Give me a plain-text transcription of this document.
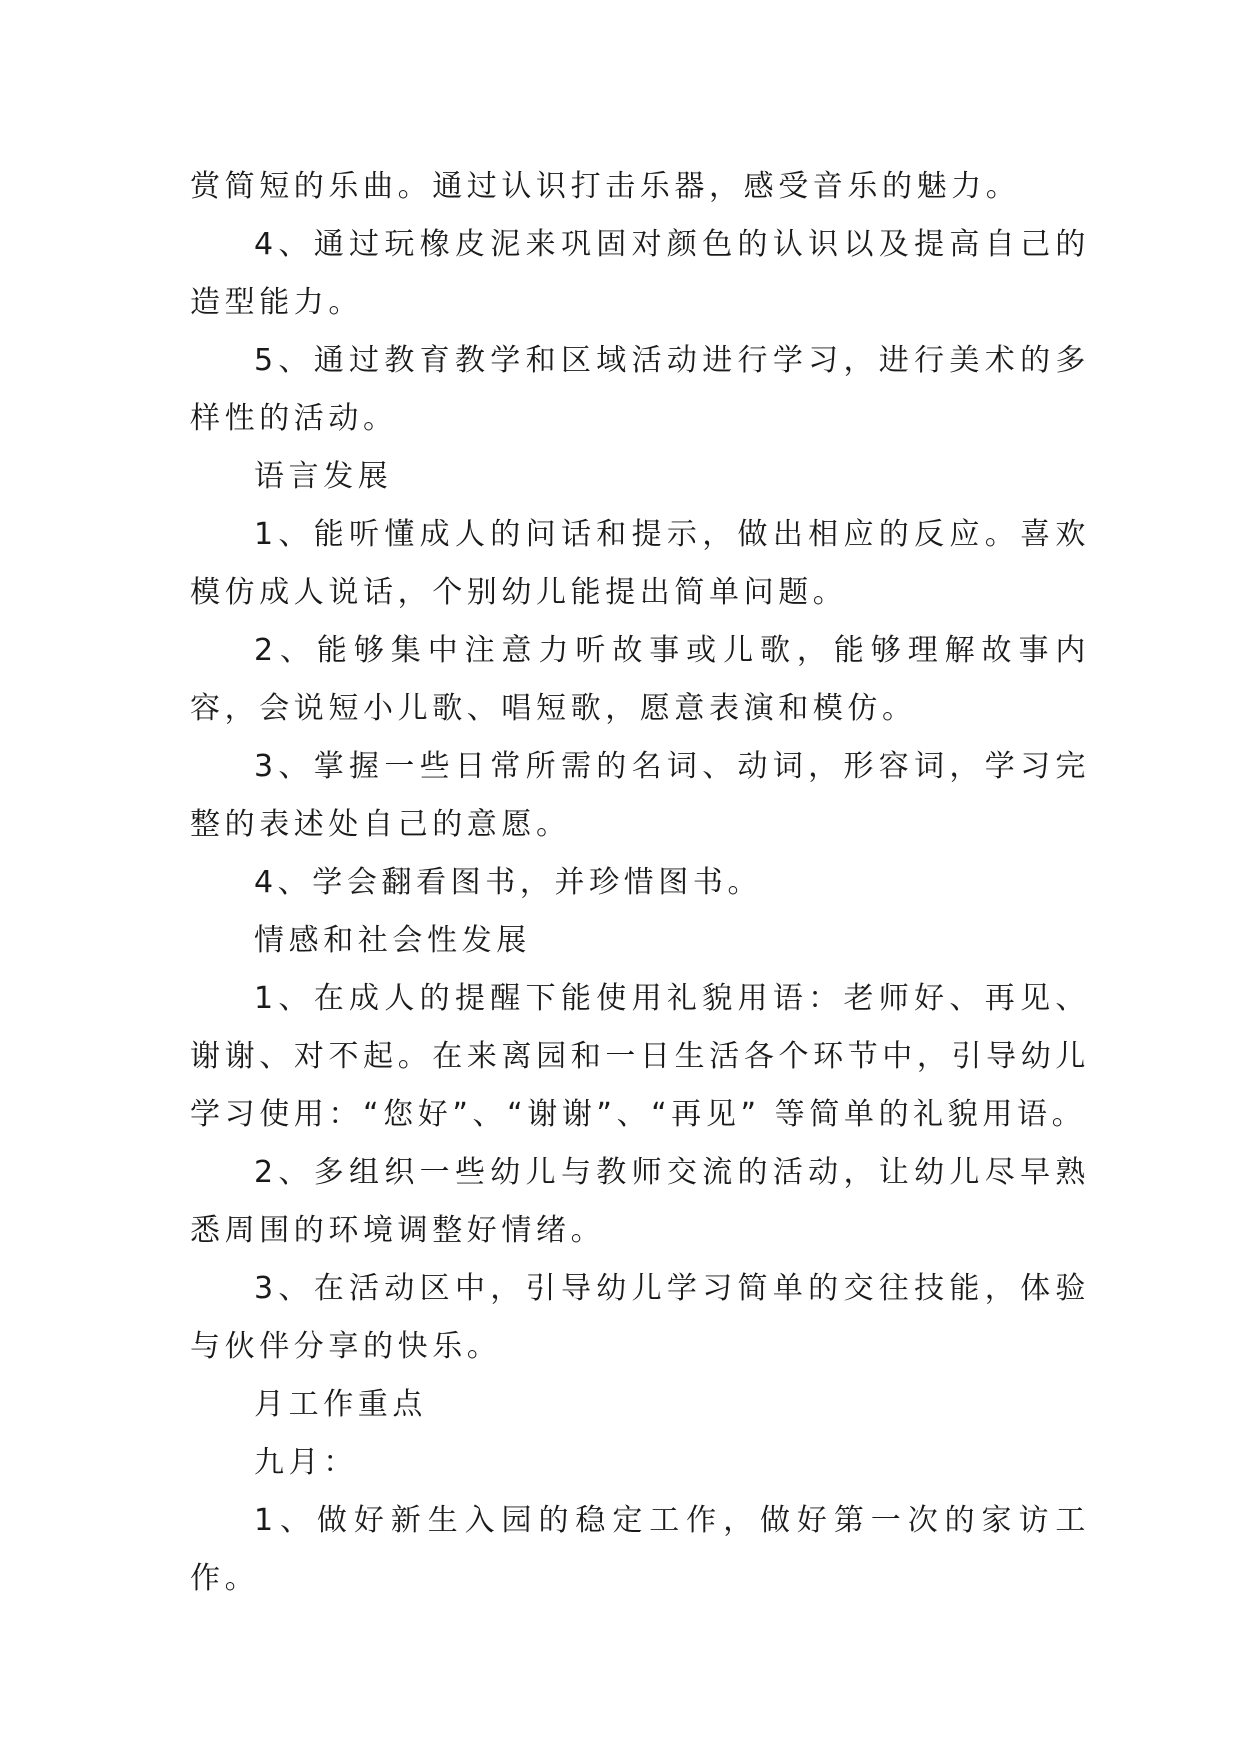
赏简短的乐曲。通过认识打击乐器，感受音乐的魅力。

4、通过玩橡皮泥来巩固对颜色的认识以及提高自己的造型能力。

5、通过教育教学和区域活动进行学习，进行美术的多样性的活动。

语言发展

1、能听懂成人的问话和提示，做出相应的反应。喜欢模仿成人说话，个别幼儿能提出简单问题。

2、能够集中注意力听故事或儿歌，能够理解故事内容，会说短小儿歌、唱短歌，愿意表演和模仿。

3、掌握一些日常所需的名词、动词，形容词，学习完整的表述处自己的意愿。

4、学会翻看图书，并珍惜图书。

情感和社会性发展

1、在成人的提醒下能使用礼貌用语：老师好、再见、谢谢、对不起。在来离园和一日生活各个环节中，引导幼儿学习使用：“您好”、“谢谢”、“再见” 等简单的礼貌用语。

2、多组织一些幼儿与教师交流的活动，让幼儿尽早熟悉周围的环境调整好情绪。

3、在活动区中，引导幼儿学习简单的交往技能，体验与伙伴分享的快乐。

月工作重点

九月：

1、做好新生入园的稳定工作，做好第一次的家访工作。
